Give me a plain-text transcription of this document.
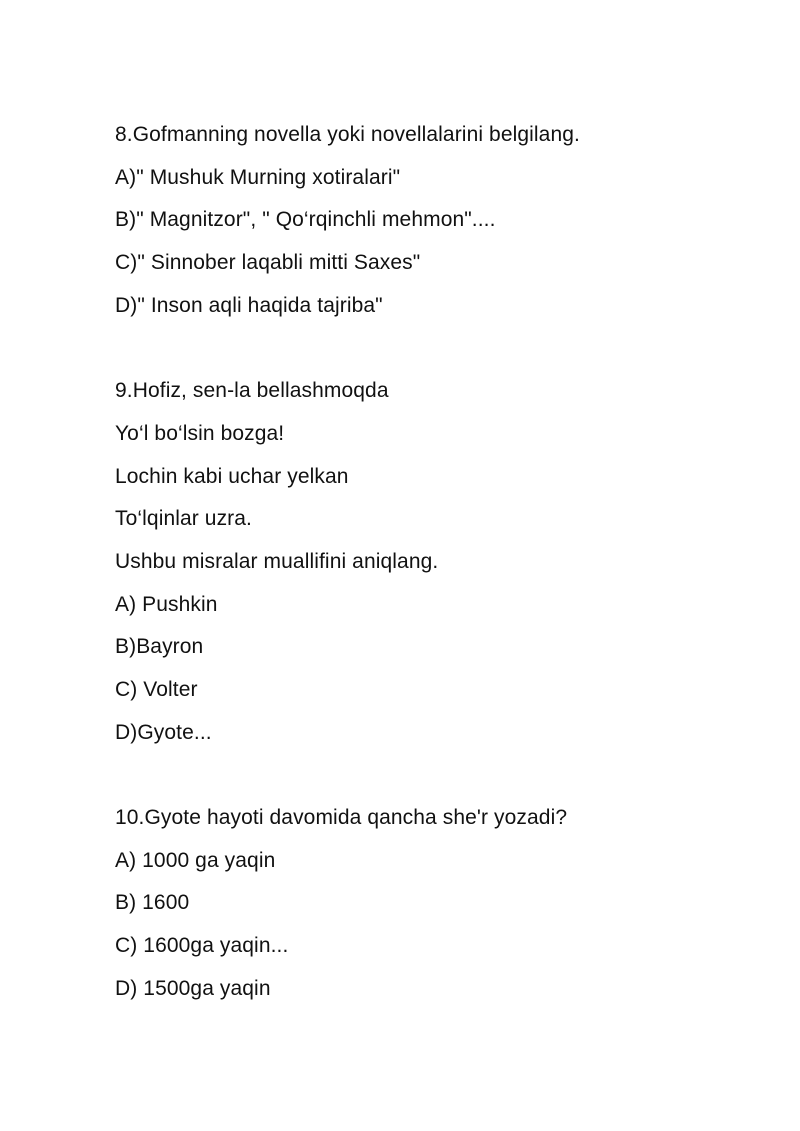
8.Gofmanning novella yoki novellalarini belgilang.
A)" Mushuk Murning xotiralari"
B)" Magnitzor", " Qo‘rqinchli mehmon"....
C)" Sinnober laqabli mitti Saxes"
D)" Inson aqli haqida tajriba"
9.Hofiz, sen-la bellashmoqda
Yo‘l bo‘lsin bozga!
Lochin kabi uchar yelkan
To‘lqinlar uzra.
Ushbu misralar muallifini aniqlang.
A) Pushkin
B)Bayron
C) Volter
D)Gyote...
10.Gyote hayoti davomida qancha she'r yozadi?
A) 1000 ga yaqin
B) 1600
C) 1600ga yaqin...
D) 1500ga yaqin
